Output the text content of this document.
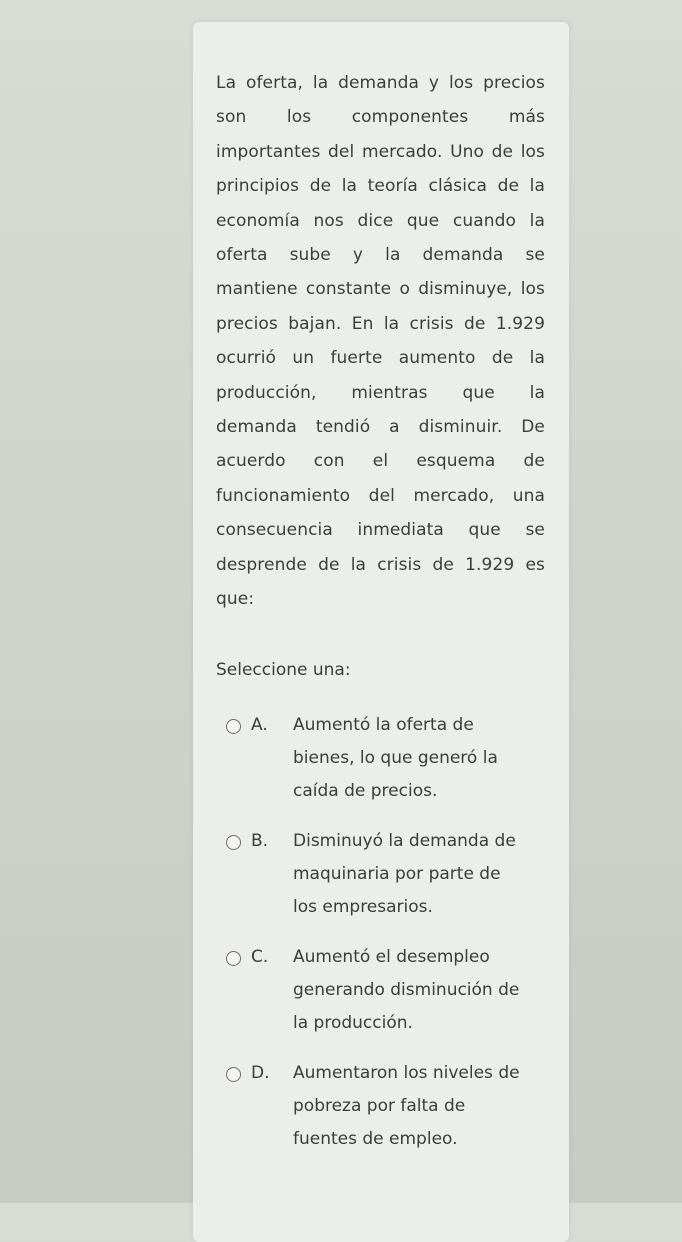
La oferta, la demanda y los precios son los componentes más importantes del mercado. Uno de los principios de la teoría clásica de la economía nos dice que cuando la oferta sube y la demanda se mantiene constante o disminuye, los precios bajan. En la crisis de 1.929 ocurrió un fuerte aumento de la producción, mientras que la demanda tendió a disminuir. De acuerdo con el esquema de funcionamiento del mercado, una consecuencia inmediata que se desprende de la crisis de 1.929 es que:

Seleccione una:
A.	Aumentó la oferta de bienes, lo que generó la caída de precios.
B.	Disminuyó la demanda de maquinaria por parte de los empresarios.
C.	Aumentó el desempleo generando disminución de la producción.
D.	Aumentaron los niveles de pobreza por falta de fuentes de empleo.
